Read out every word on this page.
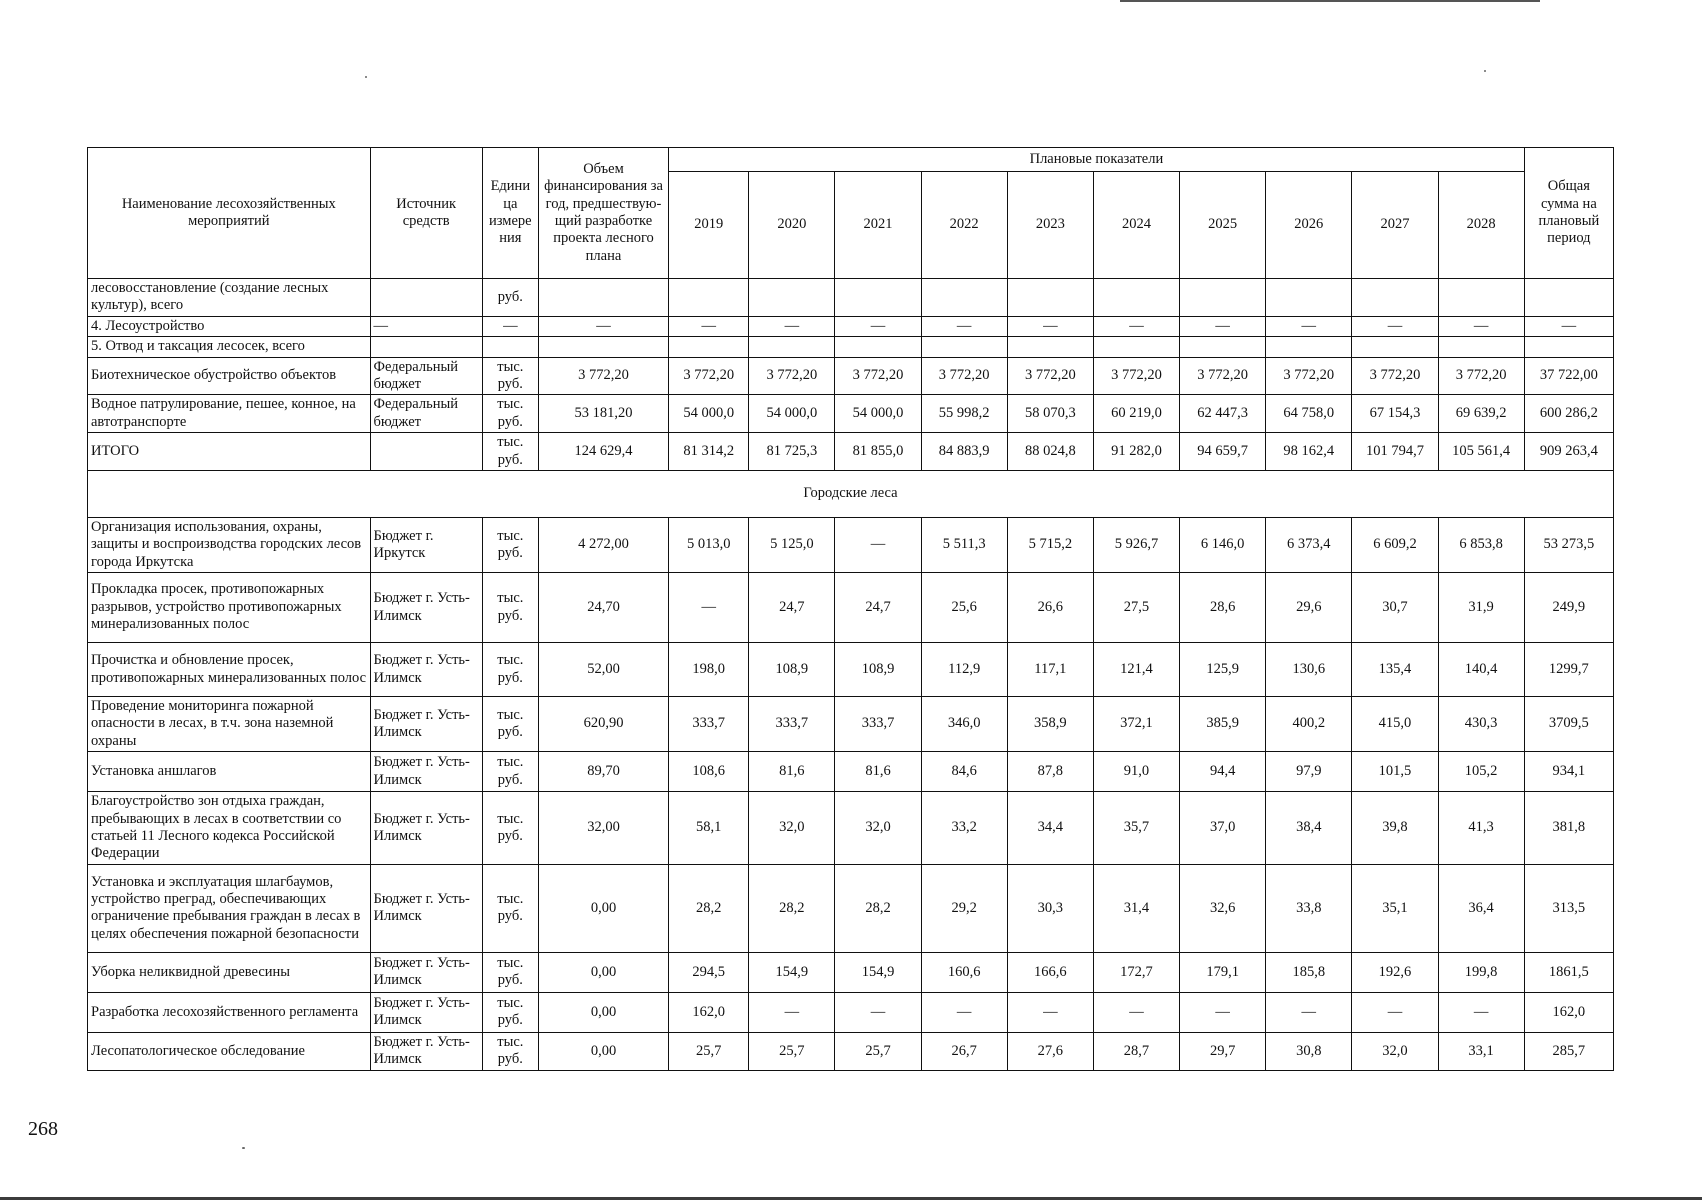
Наименование лесохозяйственных мероприятий	Источник средств	Едини ца измере ния	Объем финансирования за год, предшествую-щий разработке проекта лесного плана	Плановые показатели										Общая сумма на плановый период
				2019	2020	2021	2022	2023	2024	2025	2026	2027	2028	
лесовосстановление (создание лесных культур), всего		руб.												
4. Лесоустройство	—	—	—	—	—	—	—	—	—	—	—	—	—	—
5. Отвод и таксация лесосек, всего														
Биотехническое обустройство объектов	Федеральный бюджет	тыс. руб.	3 772,20	3 772,20	3 772,20	3 772,20	3 772,20	3 772,20	3 772,20	3 772,20	3 772,20	3 772,20	3 772,20	37 722,00
Водное патрулирование, пешее, конное, на автотранспорте	Федеральный бюджет	тыс. руб.	53 181,20	54 000,0	54 000,0	54 000,0	55 998,2	58 070,3	60 219,0	62 447,3	64 758,0	67 154,3	69 639,2	600 286,2
ИТОГО		тыс. руб.	124 629,4	81 314,2	81 725,3	81 855,0	84 883,9	88 024,8	91 282,0	94 659,7	98 162,4	101 794,7	105 561,4	909 263,4
Городские леса														
Организация использования, охраны, защиты и воспроизводства городских лесов города Иркутска	Бюджет г. Иркутск	тыс. руб.	4 272,00	5 013,0	5 125,0	—	5 511,3	5 715,2	5 926,7	6 146,0	6 373,4	6 609,2	6 853,8	53 273,5
Прокладка просек, противопожарных разрывов, устройство противопожарных минерализованных полос	Бюджет г. Усть-Илимск	тыс. руб.	24,70	—	24,7	24,7	25,6	26,6	27,5	28,6	29,6	30,7	31,9	249,9
Прочистка и обновление просек, противопожарных минерализованных полос	Бюджет г. Усть-Илимск	тыс. руб.	52,00	198,0	108,9	108,9	112,9	117,1	121,4	125,9	130,6	135,4	140,4	1299,7
Проведение мониторинга пожарной опасности в лесах, в т.ч. зона наземной охраны	Бюджет г. Усть-Илимск	тыс. руб.	620,90	333,7	333,7	333,7	346,0	358,9	372,1	385,9	400,2	415,0	430,3	3709,5
Установка аншлагов	Бюджет г. Усть-Илимск	тыс. руб.	89,70	108,6	81,6	81,6	84,6	87,8	91,0	94,4	97,9	101,5	105,2	934,1
Благоустройство зон отдыха граждан, пребывающих в лесах в соответствии со статьей 11 Лесного кодекса Российской Федерации	Бюджет г. Усть-Илимск	тыс. руб.	32,00	58,1	32,0	32,0	33,2	34,4	35,7	37,0	38,4	39,8	41,3	381,8
Установка и эксплуатация шлагбаумов, устройство преград, обеспечивающих ограничение пребывания граждан в лесах в целях обеспечения пожарной безопасности	Бюджет г. Усть-Илимск	тыс. руб.	0,00	28,2	28,2	28,2	29,2	30,3	31,4	32,6	33,8	35,1	36,4	313,5
Уборка неликвидной древесины	Бюджет г. Усть-Илимск	тыс. руб.	0,00	294,5	154,9	154,9	160,6	166,6	172,7	179,1	185,8	192,6	199,8	1861,5
Разработка лесохозяйственного регламента	Бюджет г. Усть-Илимск	тыс. руб.	0,00	162,0	—	—	—	—	—	—	—	—	—	162,0
Лесопатологическое обследование	Бюджет г. Усть-Илимск	тыс. руб.	0,00	25,7	25,7	25,7	26,7	27,6	28,7	29,7	30,8	32,0	33,1	285,7
268
